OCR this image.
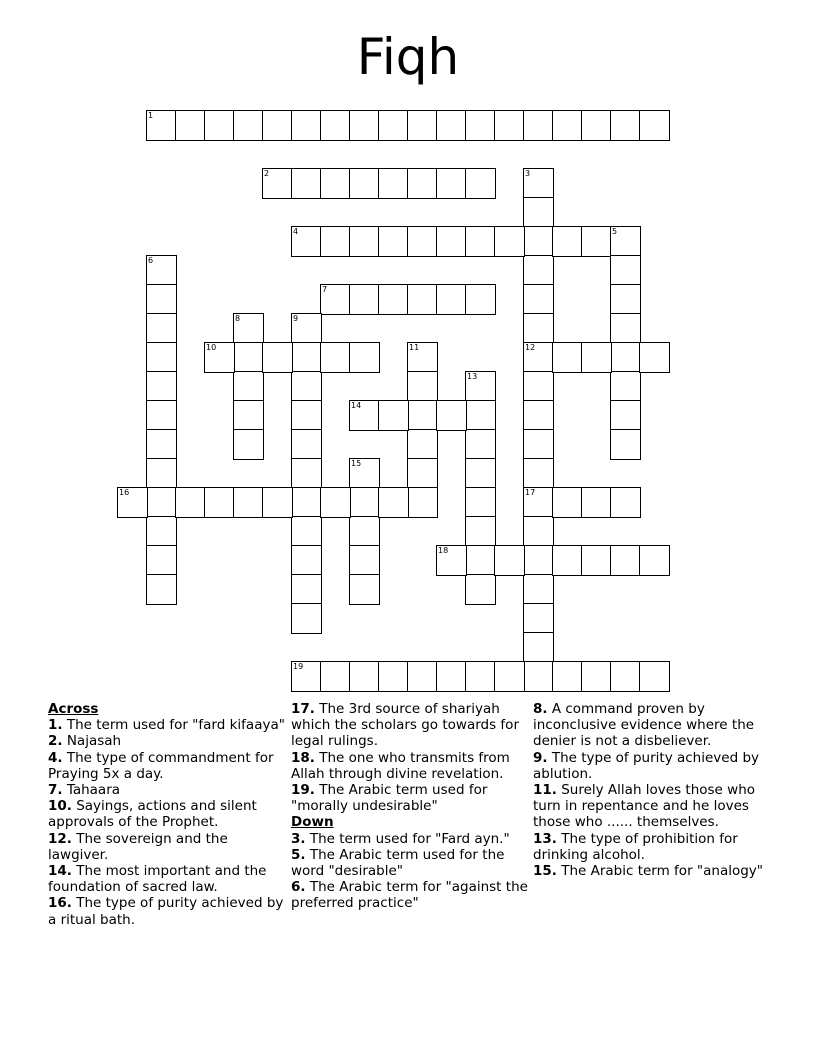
Fiqh
1
2	3
12
17
4	5
6
7
8	9
10	11
13
14
15
16
18
19
Across
1. The term used for "fard kifaaya"
2. Najasah
4. The type of commandment for Praying 5x a day.
7. Tahaara
10. Sayings, actions and silent approvals of the Prophet.
12. The sovereign and the lawgiver.
14. The most important and the foundation of sacred law.
16. The type of purity achieved by a ritual bath.
17. The 3rd source of shariyah which the scholars go towards for legal rulings.
18. The one who transmits from Allah through divine revelation.
19. The Arabic term used for "morally undesirable"
Down
3. The term used for "Fard ayn."
5. The Arabic term used for the word "desirable"
6. The Arabic term for "against the preferred practice"
8. A command proven by inconclusive evidence where the denier is not a disbeliever.
9. The type of purity achieved by ablution.
11. Surely Allah loves those who turn in repentance and he loves those who ...... themselves.
13. The type of prohibition for drinking alcohol.
15. The Arabic term for "analogy"
